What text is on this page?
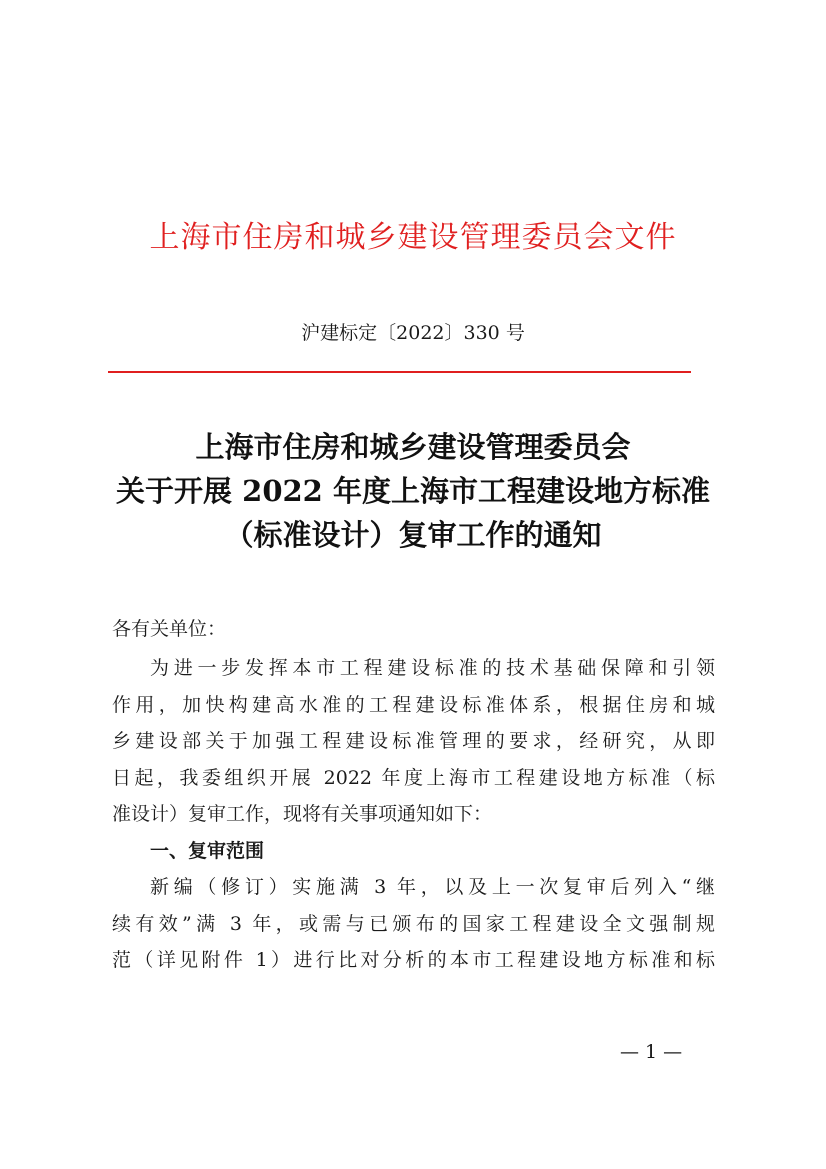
上海市住房和城乡建设管理委员会文件
沪建标定〔2022〕330 号
上海市住房和城乡建设管理委员会
关于开展 2022 年度上海市工程建设地方标准
（标准设计）复审工作的通知
各有关单位：
为进一步发挥本市工程建设标准的技术基础保障和引领
作用，加快构建高水准的工程建设标准体系，根据住房和城
乡建设部关于加强工程建设标准管理的要求，经研究，从即
日起，我委组织开展 2022 年度上海市工程建设地方标准（标
准设计）复审工作，现将有关事项通知如下：
一、复审范围
新编（修订）实施满 3 年，以及上一次复审后列入“继
续有效”满 3 年，或需与已颁布的国家工程建设全文强制规
范（详见附件 1）进行比对分析的本市工程建设地方标准和标
— 1 —
